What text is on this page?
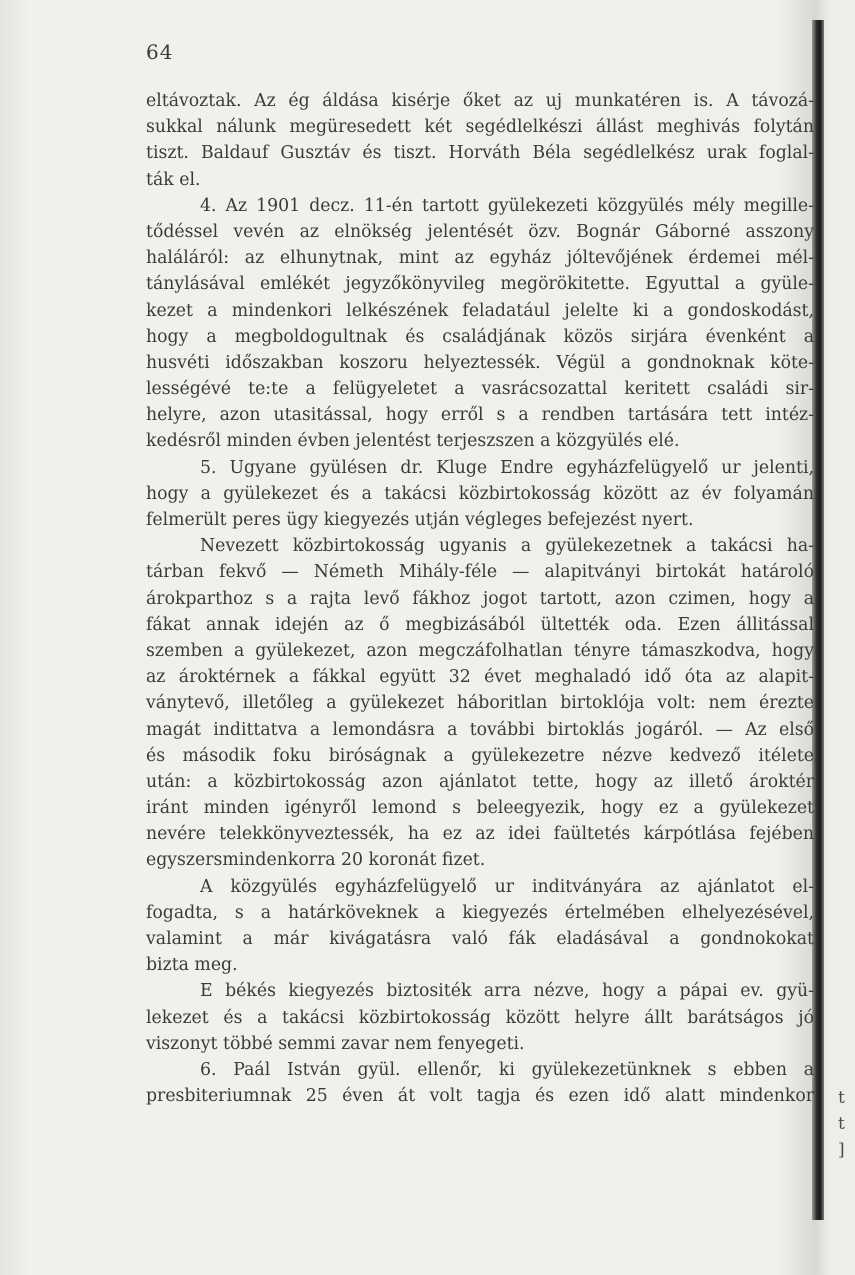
64
eltávoztak. Az ég áldása kisérje őket az uj munkatéren is. A távozá-
sukkal nálunk megüresedett két segédlelkészi állást meghivás folytán
tiszt. Baldauf Gusztáv és tiszt. Horváth Béla segédlelkész urak foglal-
ták el.
4. Az 1901 decz. 11-én tartott gyülekezeti közgyülés mély megille-
tődéssel vevén az elnökség jelentését özv. Bognár Gáborné asszony
haláláról: az elhunytnak, mint az egyház jóltevőjének érdemei mél-
tánylásával emlékét jegyzőkönyvileg megörökitette. Egyuttal a gyüle-
kezet a mindenkori lelkészének feladatául jelelte ki a gondoskodást,
hogy a megboldogultnak és családjának közös sirjára évenként a
husvéti időszakban koszoru helyeztessék. Végül a gondnoknak köte-
lességévé te:te a felügyeletet a vasrácsozattal keritett családi sir-
helyre, azon utasitással, hogy erről s a rendben tartására tett intéz-
kedésről minden évben jelentést terjeszszen a közgyülés elé.
5. Ugyane gyülésen dr. Kluge Endre egyházfelügyelő ur jelenti,
hogy a gyülekezet és a takácsi közbirtokosság között az év folyamán
felmerült peres ügy kiegyezés utján végleges befejezést nyert.
Nevezett közbirtokosság ugyanis a gyülekezetnek a takácsi ha-
tárban fekvő — Németh Mihály-féle — alapitványi birtokát határoló
árokparthoz s a rajta levő fákhoz jogot tartott, azon czimen, hogy a
fákat annak idején az ő megbizásából ültették oda. Ezen állitással
szemben a gyülekezet, azon megczáfolhatlan tényre támaszkodva, hogy
az ároktérnek a fákkal együtt 32 évet meghaladó idő óta az alapit-
ványtevő, illetőleg a gyülekezet háboritlan birtoklója volt: nem érezte
magát indittatva a lemondásra a további birtoklás jogáról. — Az első
és második foku biróságnak a gyülekezetre nézve kedvező itélete
után: a közbirtokosság azon ajánlatot tette, hogy az illető ároktér
iránt minden igényről lemond s beleegyezik, hogy ez a gyülekezet
nevére telekkönyveztessék, ha ez az idei faültetés kárpótlása fejében
egyszersmindenkorra 20 koronát fizet.
A közgyülés egyházfelügyelő ur inditványára az ajánlatot el-
fogadta, s a határköveknek a kiegyezés értelmében elhelyezésével,
valamint a már kivágatásra való fák eladásával a gondnokokat
bizta meg.
E békés kiegyezés biztositék arra nézve, hogy a pápai ev. gyü-
lekezet és a takácsi közbirtokosság között helyre állt barátságos jó
viszonyt többé semmi zavar nem fenyegeti.
6. Paál István gyül. ellenőr, ki gyülekezetünknek s ebben a
presbiteriumnak 25 éven át volt tagja és ezen idő alatt mindenkor t
t
]
